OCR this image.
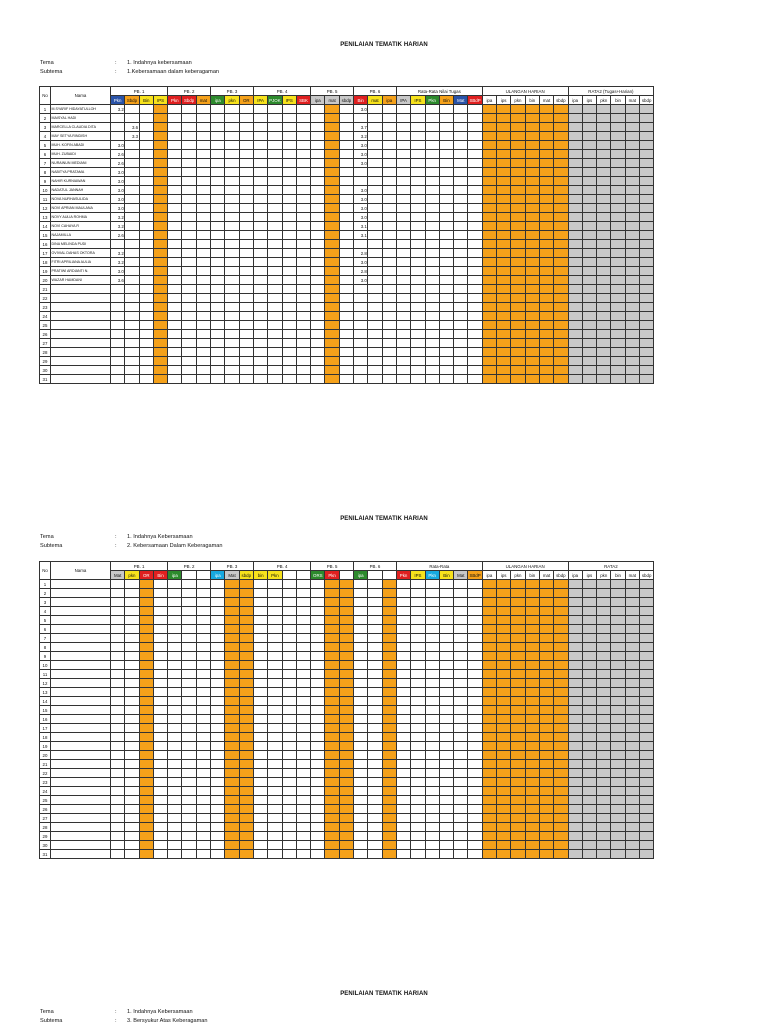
PENILAIAN TEMATIK HARIAN
Tema	: 1. Indahnya kebersamaan
Subtema	: 1.Kebersamaan dalam keberagaman
No	Nama	PB. 1				PB. 2			PB. 3			PB. 4				PB. 5			PB. 6			Rata-Rata Nilai Tugas						ULANGAN HARIAN						RATA2 (Tugas+Harian)					
		Pkn	Sbdp	Bin	IPS	Pkn	Sbdp	mat	ipa	pkn	OR	IPA	PJOK	IPS	SBK	ipa	mat	sbdp	Bin	mat	ipa	IPA	IPS	Pkn	Bin	Mat	SBdP	ipa	ips	pkn	bin	mat	sbdp	ipa	ips	pkn	bin	mat	sbdp
1	M.SYARIF HIDAYATULLOH	3.2																	3.0																				
2	MAISYAL HADI																																						
3	MARCELLA CLAUDIA DITA		3.6																3.7																				
4	MAY SETYA RINDISH		3.3																3.2																				
5	MUH. KOFIN ABADI	3.0																	3.0																				
6	MUH. ZUBAIDI	2.6																	3.0																				
7	NURAINUN MEDIANI	2.6																	3.0																				
8	NABITYA PRATAMA	3.0																																					
9	NAHIR KURNIAWAN	3.0																																					
10	NADATUL JANNAH	3.0																	3.0																				
11	NOVA NURHASULIDA	3.0																	3.0																				
12	NOVI APRIAN MAULANA	3.0																	3.0																				
13	NOVY AULIA ROHMA	3.2																	3.0																				
14	NOVI CAHAYA R	3.2																	3.1																				
15	NAJAMILLA	2.6																	3.1																				
16	DINA MELINDA PUDI																																						
17	OVIVIAL DAHAS OKTORA	3.2																	2.8																				
18	FITRI APRILIANA AULIA	3.2																	3.0																				
19	PRATIWI ARDIANTI N.	3.0																	2.8																				
20	WAZAR HAMDANI	3.6																	3.0																				
21																																							
22																																							
23																																							
24																																							
25																																							
26																																							
27																																							
28																																							
29																																							
30																																							
31																																							
PENILAIAN TEMATIK HARIAN
Tema	: 1. Indahnya Kebersamaan
Subtema	: 2. Kebersamaan Dalam Keberagaman
No	Nama	PB. 1				PB. 2			PB. 3			PB. 4				PB. 5			PB. 6			Rata-Rata						ULANGAN HARIAN						RATA2					
		Mat	pkn	OR	Bin	ipa			ipa	Mat	sbdp	bin	Pkn			ORS	Pkn		ipa			Pkn	IPS	Pkn	Bin	Mat	SBdP	ipa	ips	pkn	bin	mat	sbdp	ipa	ips	pkn	bin	mat	sbdp
1																																							
2																																							
3																																							
4																																							
5																																							
6																																							
7																																							
8																																							
9																																							
10																																							
11																																							
12																																							
13																																							
14																																							
15																																							
16																																							
17																																							
18																																							
19																																							
20																																							
21																																							
22																																							
23																																							
24																																							
25																																							
26																																							
27																																							
28																																							
29																																							
30																																							
31																																							
PENILAIAN TEMATIK HARIAN
Tema	: 1. Indahnya Kebersamaan
Subtema	: 3. Bersyukur Atas Keberagaman
